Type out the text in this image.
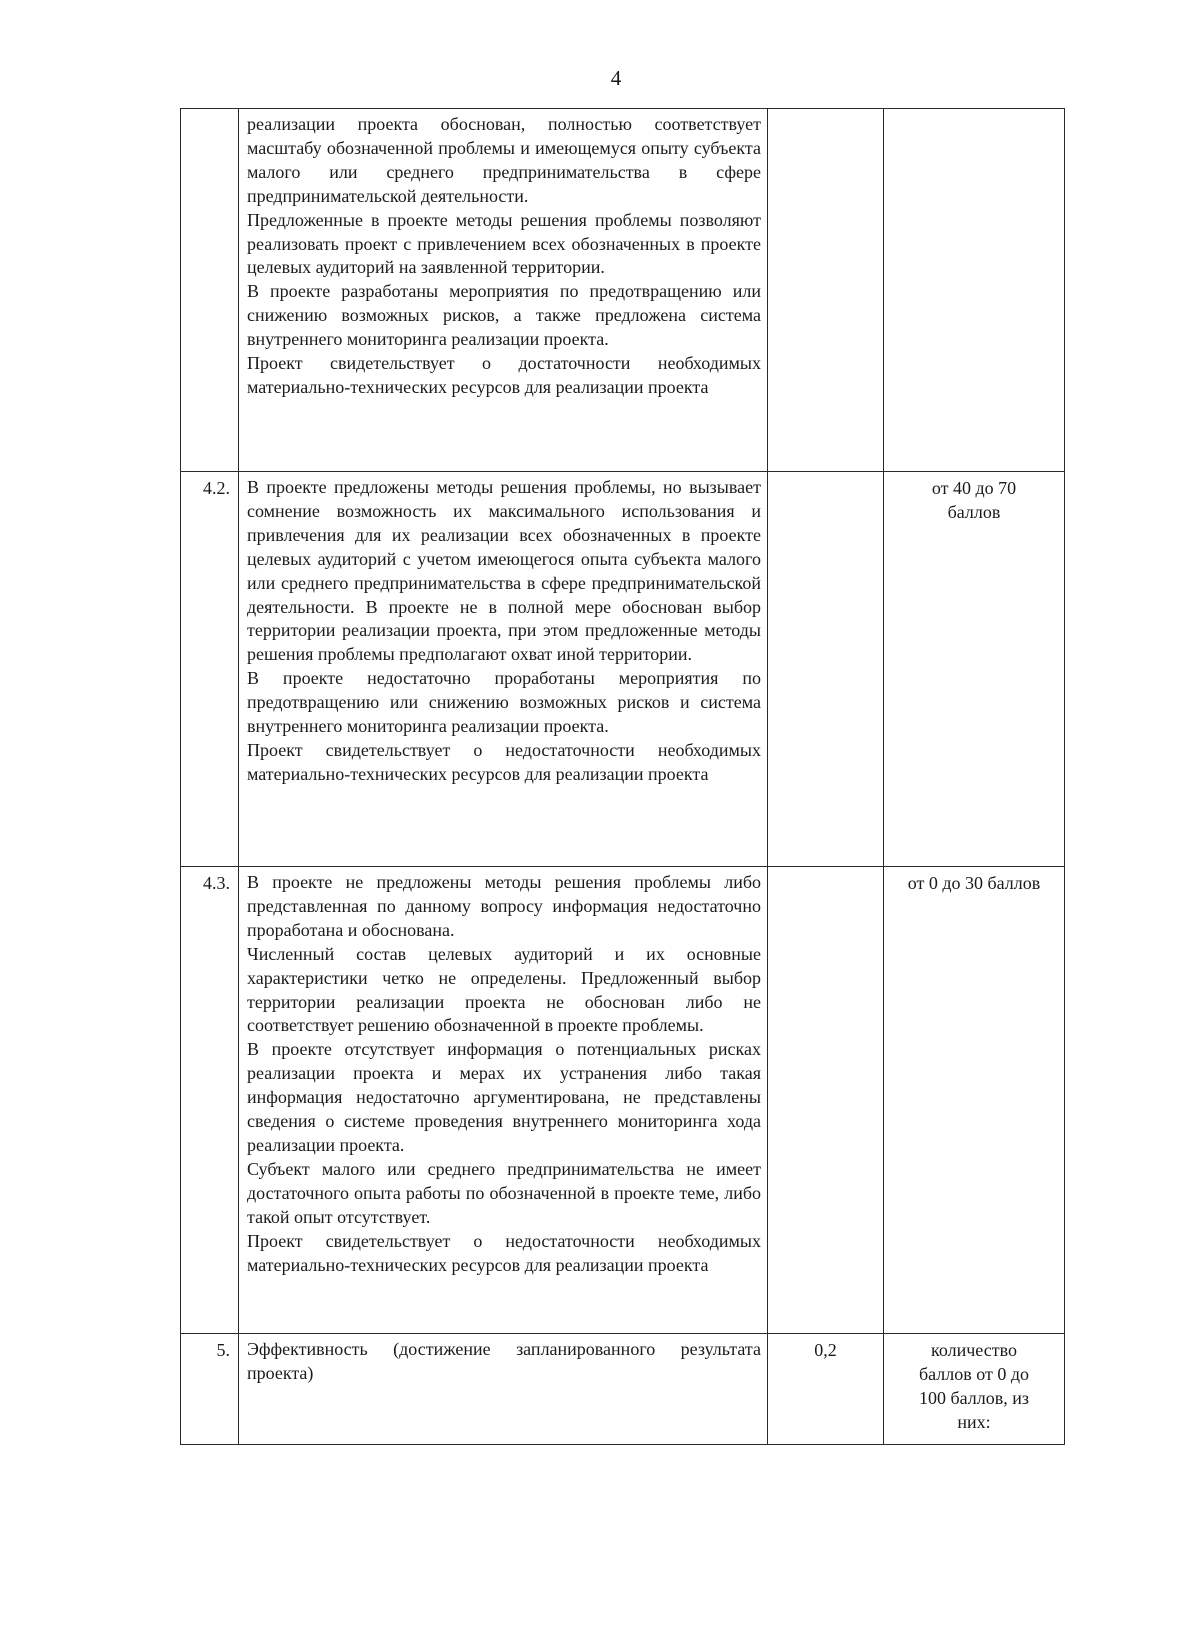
4

	реализации проекта обоснован, полностью соответствует масштабу обозначенной проблемы и имеющемуся опыту субъекта малого или среднего предпринимательства в сфере предпринимательской деятельности.
Предложенные в проекте методы решения проблемы позволяют реализовать проект с привлечением всех обозначенных в проекте целевых аудиторий на заявленной территории.
В проекте разработаны мероприятия по предотвращению или снижению возможных рисков, а также предложена система внутреннего мониторинга реализации проекта.
Проект свидетельствует о достаточности необходимых материально-технических ресурсов для реализации проекта		

4.2.	В проекте предложены методы решения проблемы, но вызывает сомнение возможность их максимального использования и привлечения для их реализации всех обозначенных в проекте целевых аудиторий с учетом имеющегося опыта субъекта малого или среднего предпринимательства в сфере предпринимательской деятельности. В проекте не в полной мере обоснован выбор территории реализации проекта, при этом предложенные методы решения проблемы предполагают охват иной территории.
В проекте недостаточно проработаны мероприятия по предотвращению или снижению возможных рисков и система внутреннего мониторинга реализации проекта.
Проект свидетельствует о недостаточности необходимых материально-технических ресурсов для реализации проекта		от 40 до 70 баллов
4.3.	В проекте не предложены методы решения проблемы либо представленная по данному вопросу информация недостаточно проработана и обоснована.
Численный состав целевых аудиторий и их основные характеристики четко не определены. Предложенный выбор территории реализации проекта не обоснован либо не соответствует решению обозначенной в проекте проблемы.
В проекте отсутствует информация о потенциальных рисках реализации проекта и мерах их устранения либо такая информация недостаточно аргументирована, не представлены сведения о системе проведения внутреннего мониторинга хода реализации проекта.
Субъект малого или среднего предпринимательства не имеет достаточного опыта работы по обозначенной в проекте теме, либо такой опыт отсутствует.
Проект свидетельствует о недостаточности необходимых материально-технических ресурсов для реализации проекта		от 0 до 30 баллов
5.	Эффективность (достижение запланированного результата проекта)	0,2	количество баллов от 0 до 100 баллов, из них:
